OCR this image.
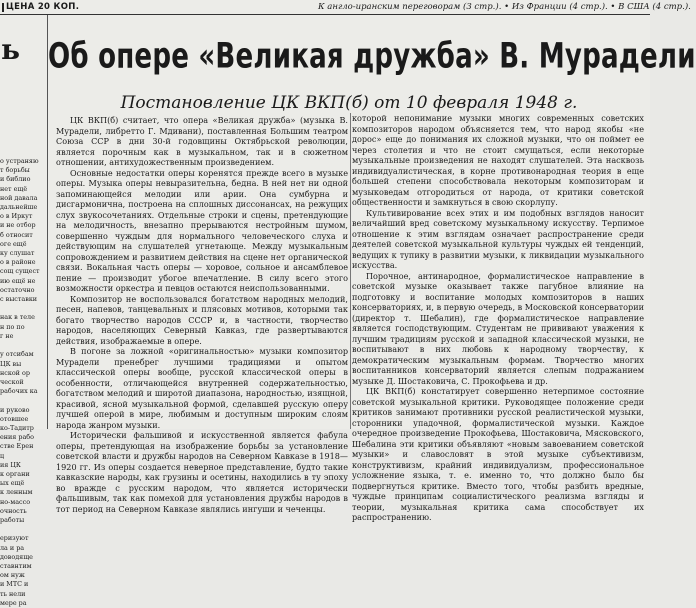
ЦЕНА 20 КОП.	К англо-иранским переговорам (3 стр.). • Из Франции (4 стр.). • В США (4 стр.).
ь

о устраняю
т борьбы
и библио
нет ещё
ной давала
дальнейше
о в Иркут
и не отбор
б относит
оге ещё
ку слушат
о в районе
сощ сущест
ию ещё не
остаточно
с выставки

нак в теле
н по по
г не

у отсибам
ЦК вы
нской ор
ческой
рабочих ка

и руково
отовшее
ко-Тадитр
ения рабо
стве Ерен
ц
ия ЦК
к органи
ых ещё
к ленным
но-массо
очность
работы

еризуют
ла и ра
доводяще
ставнтим
ом нуж
и МТС и
ть нели
мере ра
Об опере «Великая дружба» В. Мурадели
Постановление ЦК ВКП(б) от 10 февраля 1948 г.

ЦК ВКП(б) считает, что опера «Великая дружба» (музыка В. Мурадели, либретто Г. Мдивани), поставленная Большим театром Союза ССР в дни 30-й годовщины Октябрьской революции, является порочным как в музыкальном, так и в сюжетном отношении, антихудожественным произведением.

Основные недостатки оперы коренятся прежде всего в музыке оперы. Музыка оперы невыразительна, бедна. В ней нет ни одной запоминающейся мелодии или арии. Она сумбурна и дисгармонична, построена на сплошных диссонансах, на режущих слух звукосочетаниях. Отдельные строки и сцены, претендующие на мелодичность, внезапно прерываются нестройным шумом, совершенно чуждым для нормального человеческого слуха и действующим на слушателей угнетающе. Между музыкальным сопровождением и развитием действия на сцене нет органической связи. Вокальная часть оперы — хоровое, сольное и ансамблевое пение — производит убогое впечатление. В силу всего этого возможности оркестра и певцов остаются неиспользованными.

Композитор не воспользовался богатством народных мелодий, песен, напевов, танцевальных и плясовых мотивов, которыми так богато творчество народов СССР и, в частности, творчество народов, населяющих Северный Кавказ, где развертываются действия, изображаемые в опере.

В погоне за ложной «оригинальностью» музыки композитор Мурадели пренебрег лучшими традициями и опытом классической оперы вообще, русской классической оперы в особенности, отличающейся внутренней содержательностью, богатством мелодий и широтой диапазона, народностью, изящной, красивой, ясной музыкальной формой, сделавшей русскую оперу лучшей оперой в мире, любимым и доступным широким слоям народа жанром музыки.

Исторически фальшивой и искусственной является фабула оперы, претендующая на изображение борьбы за установление советской власти и дружбы народов на Северном Кавказе в 1918—1920 гг. Из оперы создается неверное представление, будто такие кавказские народы, как грузины и осетины, находились в ту эпоху во вражде с русским народом, что является исторически фальшивым, так как помехой для установления дружбы народов в тот период на Северном Кавказе являлись ингуши и чеченцы.

которой непонимание музыки многих современных советских композиторов народом объясняется тем, что народ якобы «не дорос» еще до понимания их сложной музыки, что он поймет ее через столетия и что не стоит смущаться, если некоторые музыкальные произведения не находят слушателей. Эта насквозь индивидуалистическая, в корне противонародная теория в еще большей степени способствовала некоторым композиторам и музыковедам отгородиться от народа, от критики советской общественности и замкнуться в свою скорлупу.

Культивирование всех этих и им подобных взглядов наносит величайший вред советскому музыкальному искусству. Терпимое отношение к этим взглядам означает распространение среди деятелей советской музыкальной культуры чуждых ей тенденций, ведущих к тупику в развитии музыки, к ликвидации музыкального искусства.

Порочное, антинародное, формалистическое направление в советской музыке оказывает также пагубное влияние на подготовку и воспитание молодых композиторов в наших консерваториях, и, в первую очередь, в Московской консерватории (директор т. Шебалин), где формалистическое направление является господствующим. Студентам не прививают уважения к лучшим традициям русской и западной классической музыки, не воспитывают в них любовь к народному творчеству, к демократическим музыкальным формам. Творчество многих воспитанников консерваторий является слепым подражанием музыке Д. Шостаковича, С. Прокофьева и др.

ЦК ВКП(б) констатирует совершенно нетерпимое состояние советской музыкальной критики. Руководящее положение среди критиков занимают противники русской реалистической музыки, сторонники упадочной, формалистической музыки. Каждое очередное произведение Прокофьева, Шостаковича, Мясковского, Шебалина эти критики объявляют «новым завоеванием советской музыки» и славословят в этой музыке субъективизм, конструктивизм, крайний индивидуализм, профессиональное усложнение языка, т. е. именно то, что должно было бы подвергнуться критике. Вместо того, чтобы разбить вредные, чуждые принципам социалистического реализма взгляды и теории, музыкальная критика сама способствует их распространению.
